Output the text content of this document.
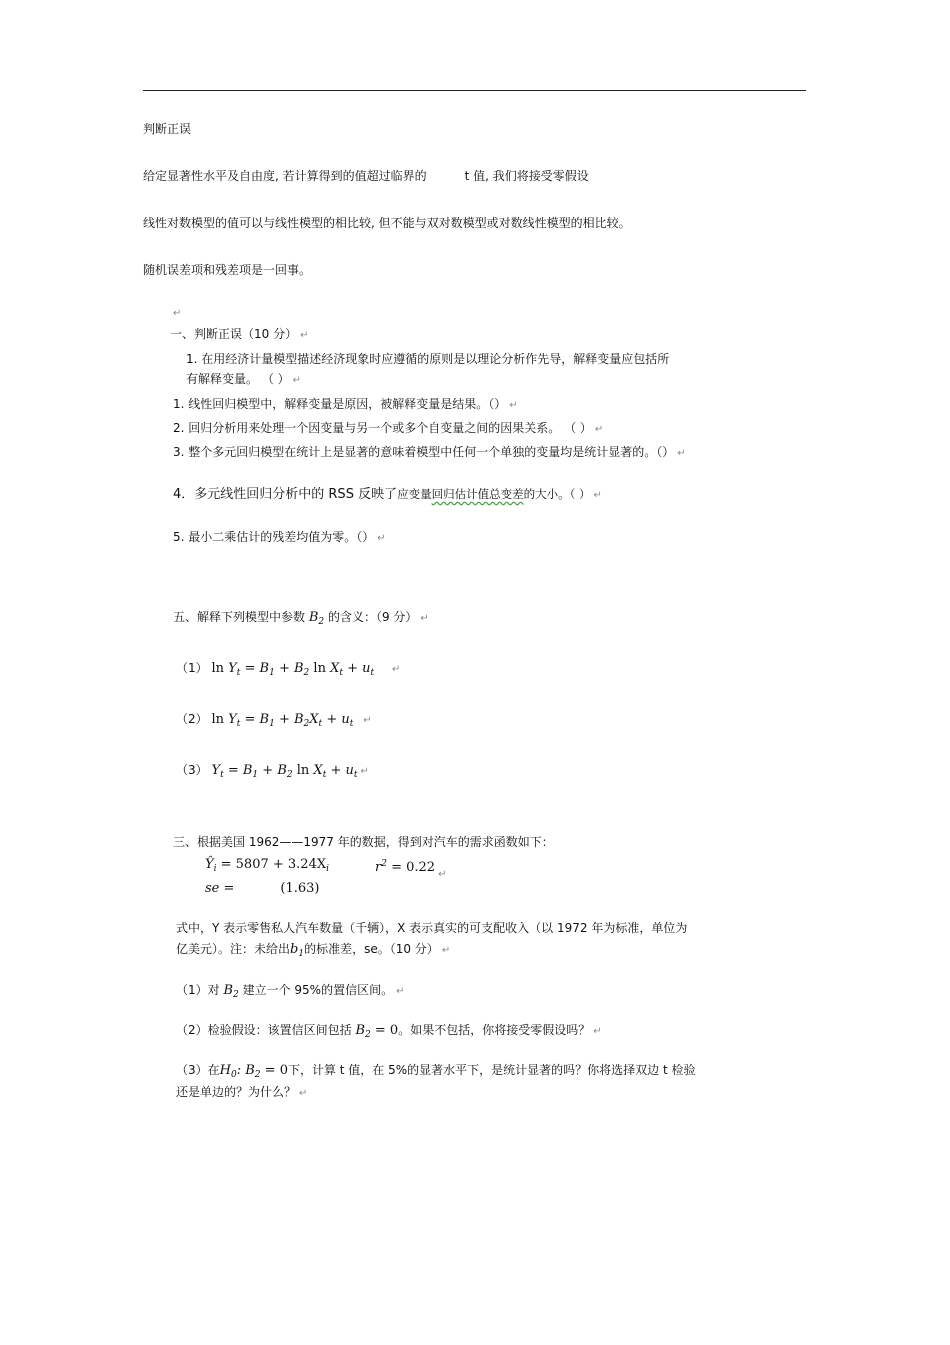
判断正误
给定显著性水平及自由度, 若计算得到的值超过临界的	t 值, 我们将接受零假设
线性对数模型的值可以与线性模型的相比较, 但不能与双对数模型或对数线性模型的相比较。
随机误差项和残差项是一回事。
↵
一、判断正误（10 分） ↵
1. 在用经济计量模型描述经济现象时应遵循的原则是以理论分析作先导，解释变量应包括所
有解释变量。 （ ） ↵
1. 线性回归模型中，解释变量是原因，被解释变量是结果。（） ↵
2. 回归分析用来处理一个因变量与另一个或多个自变量之间的因果关系。 （ ） ↵
3. 整个多元回归模型在统计上是显著的意味着模型中任何一个单独的变量均是统计显著的。（） ↵
4．多元线性回归分析中的 RSS 反映了应变量回归估计值总变差的大小。（ ） ↵
5. 最小二乘估计的残差均值为零。（） ↵
五、解释下列模型中参数 $B_2$ 的含义：（9 分） ↵
（1） $\ln Y_t = B_1 + B_2$ $\ln X_t + u_t$ ↵
（2） $\ln Y_t = B_1 + B_2X_t + u_t$ ↵
（3） $Y_t = B_1 + B_2$ $\ln X_t + u_t$ ↵
三、根据美国 1962——1977 年的数据，得到对汽车的需求函数如下：
$Ŷ_i = 5807 + 3.24X_i$	$r^2 = 0.22$ $_↵$
se =	(1.63)
式中，Y 表示零售私人汽车数量（千辆），X 表示真实的可支配收入（以 1972 年为标准，单位为
亿美元）。注：未给出$b_1$的标准差，se。（10 分） ↵
（1）对 $B_2$ 建立一个 95%的置信区间。 ↵
（2）检验假设：该置信区间包括 $B_2 = 0$。如果不包括，你将接受零假设吗？ ↵
（3）在$H_0$: $B_2 = 0$下，计算 t 值，在 5%的显著水平下，是统计显著的吗？你将选择双边 t 检验
还是单边的？为什么？ ↵
